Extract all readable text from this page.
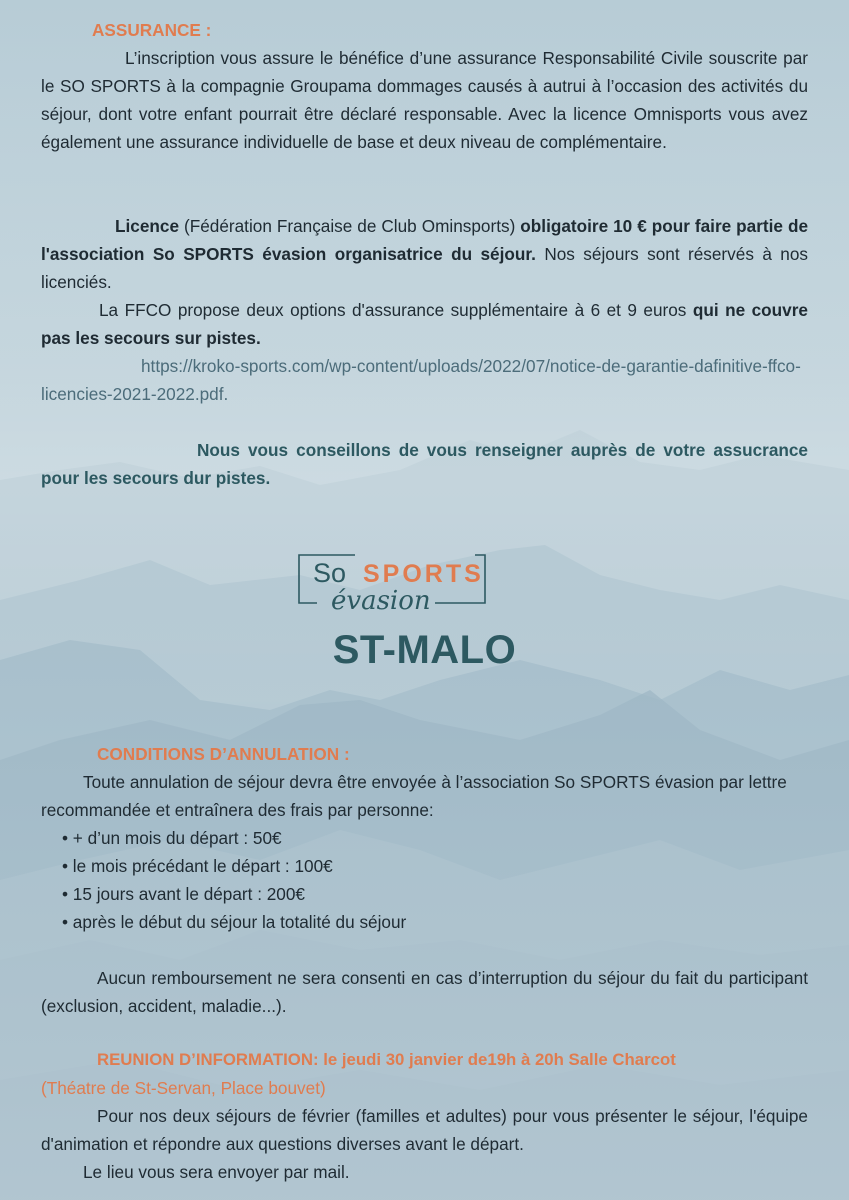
ASSURANCE :
L’inscription vous assure le bénéfice d’une assurance Responsabilité Civile souscrite par le SO SPORTS à la compagnie Groupama dommages causés à autrui à l’occasion des activités du séjour, dont votre enfant pourrait être déclaré responsable. Avec la licence Omnisports vous avez également une assurance individuelle de base et deux niveau de complémentaire.
Licence (Fédération Française de Club Ominsports) obligatoire 10 € pour faire partie de l'association So SPORTS évasion organisatrice du séjour. Nos séjours sont réservés à nos licenciés.
La FFCO propose deux options d'assurance supplémentaire à 6 et 9 euros qui ne couvre pas les secours sur pistes.
https://kroko-sports.com/wp-content/uploads/2022/07/notice-de-garantie-dafinitive-ffco-licencies-2021-2022.pdf.
Nous vous conseillons de vous renseigner auprès de votre assucrance pour les secours dur pistes.
So SPORTS
évasion
ST-MALO
CONDITIONS D’ANNULATION :
Toute annulation de séjour devra être envoyée à l’association So SPORTS évasion par lettre recommandée et entraînera des frais par personne:
• + d’un mois du départ : 50€
• le mois précédant le départ : 100€
• 15 jours avant le départ : 200€
• après le début du séjour la totalité du séjour
Aucun remboursement ne sera consenti en cas d’interruption du séjour du fait du participant (exclusion, accident, maladie...).
REUNION D’INFORMATION: le jeudi 30 janvier de19h à 20h Salle Charcot
(Théatre de St-Servan, Place bouvet)
Pour nos deux séjours de février (familles et adultes) pour vous présenter le séjour, l'équipe d'animation et répondre aux questions diverses avant le départ.
Le lieu vous sera envoyer par mail.
